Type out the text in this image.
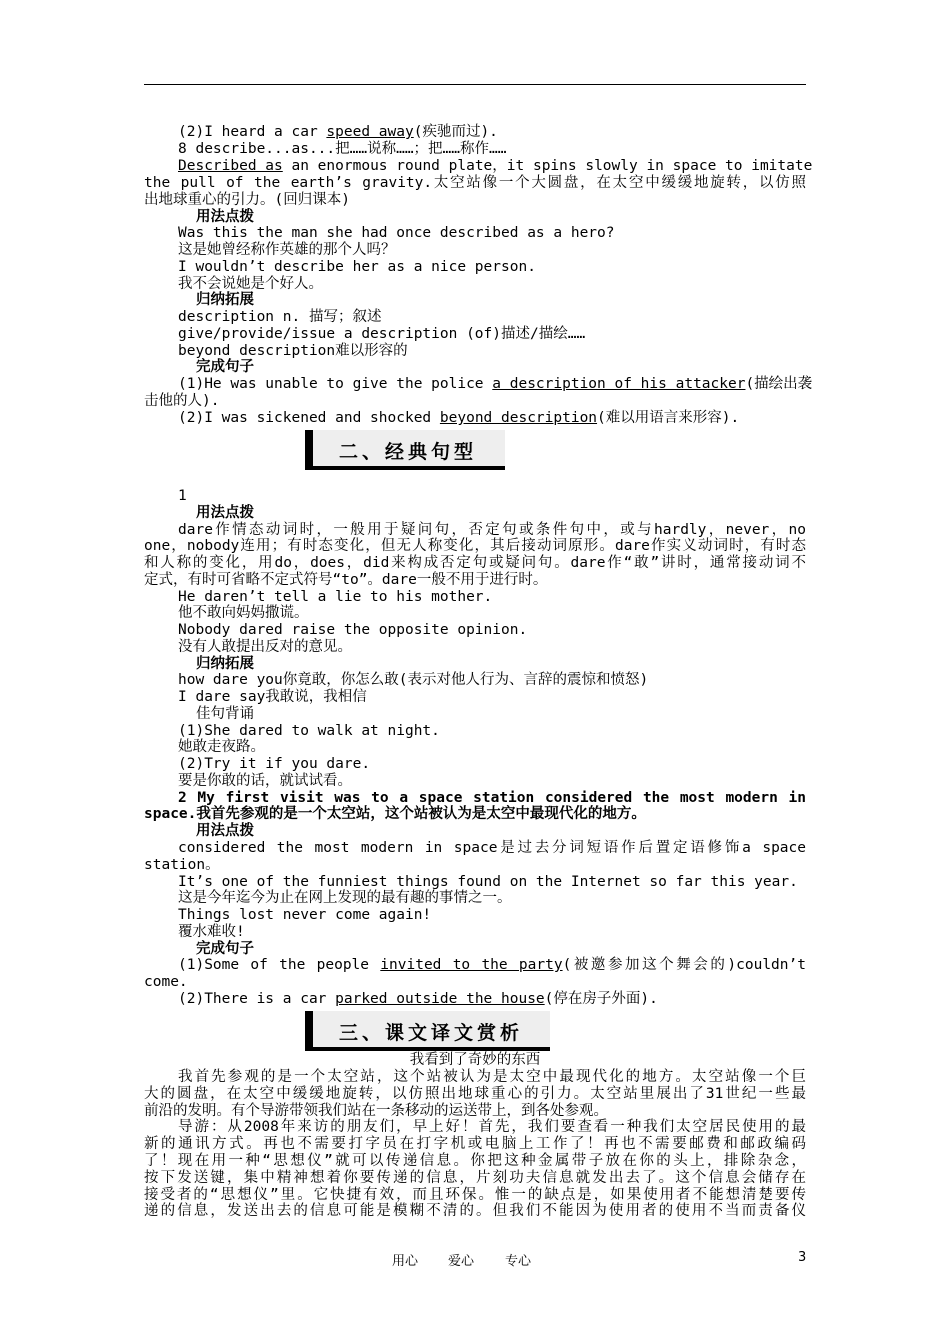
(2)I heard a car speed away(疾驰而过).
8 describe...as...把……说称……；把……称作……
Described as an enormous round plate，it spins slowly in space to imitate
the pull of the earth’s gravity.太空站像一个大圆盘，在太空中缓缓地旋转，以仿照
出地球重心的引力。(回归课本)
用法点拨
Was this the man she had once described as a hero?
这是她曾经称作英雄的那个人吗？
I wouldn’t describe her as a nice person.
我不会说她是个好人。
归纳拓展
description n. 描写；叙述
give/provide/issue a description (of)描述/描绘……
beyond description难以形容的
完成句子
(1)He was unable to give the police a description of his attacker(描绘出袭
击他的人).
(2)I was sickened and shocked beyond description(难以用语言来形容).
二、经典句型
1
用法点拨
dare作情态动词时，一般用于疑问句，否定句或条件句中，或与hardly，never，no
one，nobody连用；有时态变化，但无人称变化，其后接动词原形。dare作实义动词时，有时态
和人称的变化，用do，does，did来构成否定句或疑问句。dare作“敢”讲时，通常接动词不
定式，有时可省略不定式符号“to”。dare一般不用于进行时。
He daren’t tell a lie to his mother.
他不敢向妈妈撒谎。
Nobody dared raise the opposite opinion.
没有人敢提出反对的意见。
归纳拓展
how dare you你竟敢，你怎么敢(表示对他人行为、言辞的震惊和愤怒)
I dare say我敢说，我相信
佳句背诵
(1)She dared to walk at night.
她敢走夜路。
(2)Try it if you dare.
要是你敢的话，就试试看。
2 My first visit was to a space station considered the most modern in
space.我首先参观的是一个太空站，这个站被认为是太空中最现代化的地方。
用法点拨
considered the most modern in space是过去分词短语作后置定语修饰a space
station。
It’s one of the funniest things found on the Internet so far this year.
这是今年迄今为止在网上发现的最有趣的事情之一。
Things lost never come again!
覆水难收!
完成句子
(1)Some of the people invited to the party(被邀参加这个舞会的)couldn’t
come.
(2)There is a car parked outside the house(停在房子外面).
三、课文译文赏析
我看到了奇妙的东西
我首先参观的是一个太空站，这个站被认为是太空中最现代化的地方。太空站像一个巨
大的圆盘，在太空中缓缓地旋转，以仿照出地球重心的引力。太空站里展出了31世纪一些最
前沿的发明。有个导游带领我们站在一条移动的运送带上，到各处参观。
导游：从2008年来访的朋友们，早上好！首先，我们要查看一种我们太空居民使用的最
新的通讯方式。再也不需要打字员在打字机或电脑上工作了！再也不需要邮费和邮政编码
了！现在用一种“思想仪”就可以传递信息。你把这种金属带子放在你的头上，排除杂念，
按下发送键，集中精神想着你要传递的信息，片刻功夫信息就发出去了。这个信息会储存在
接受者的“思想仪”里。它快捷有效，而且环保。惟一的缺点是，如果使用者不能想清楚要传
递的信息，发送出去的信息可能是模糊不清的。但我们不能因为使用者的使用不当而责备仪
用心 爱心 专心	3
